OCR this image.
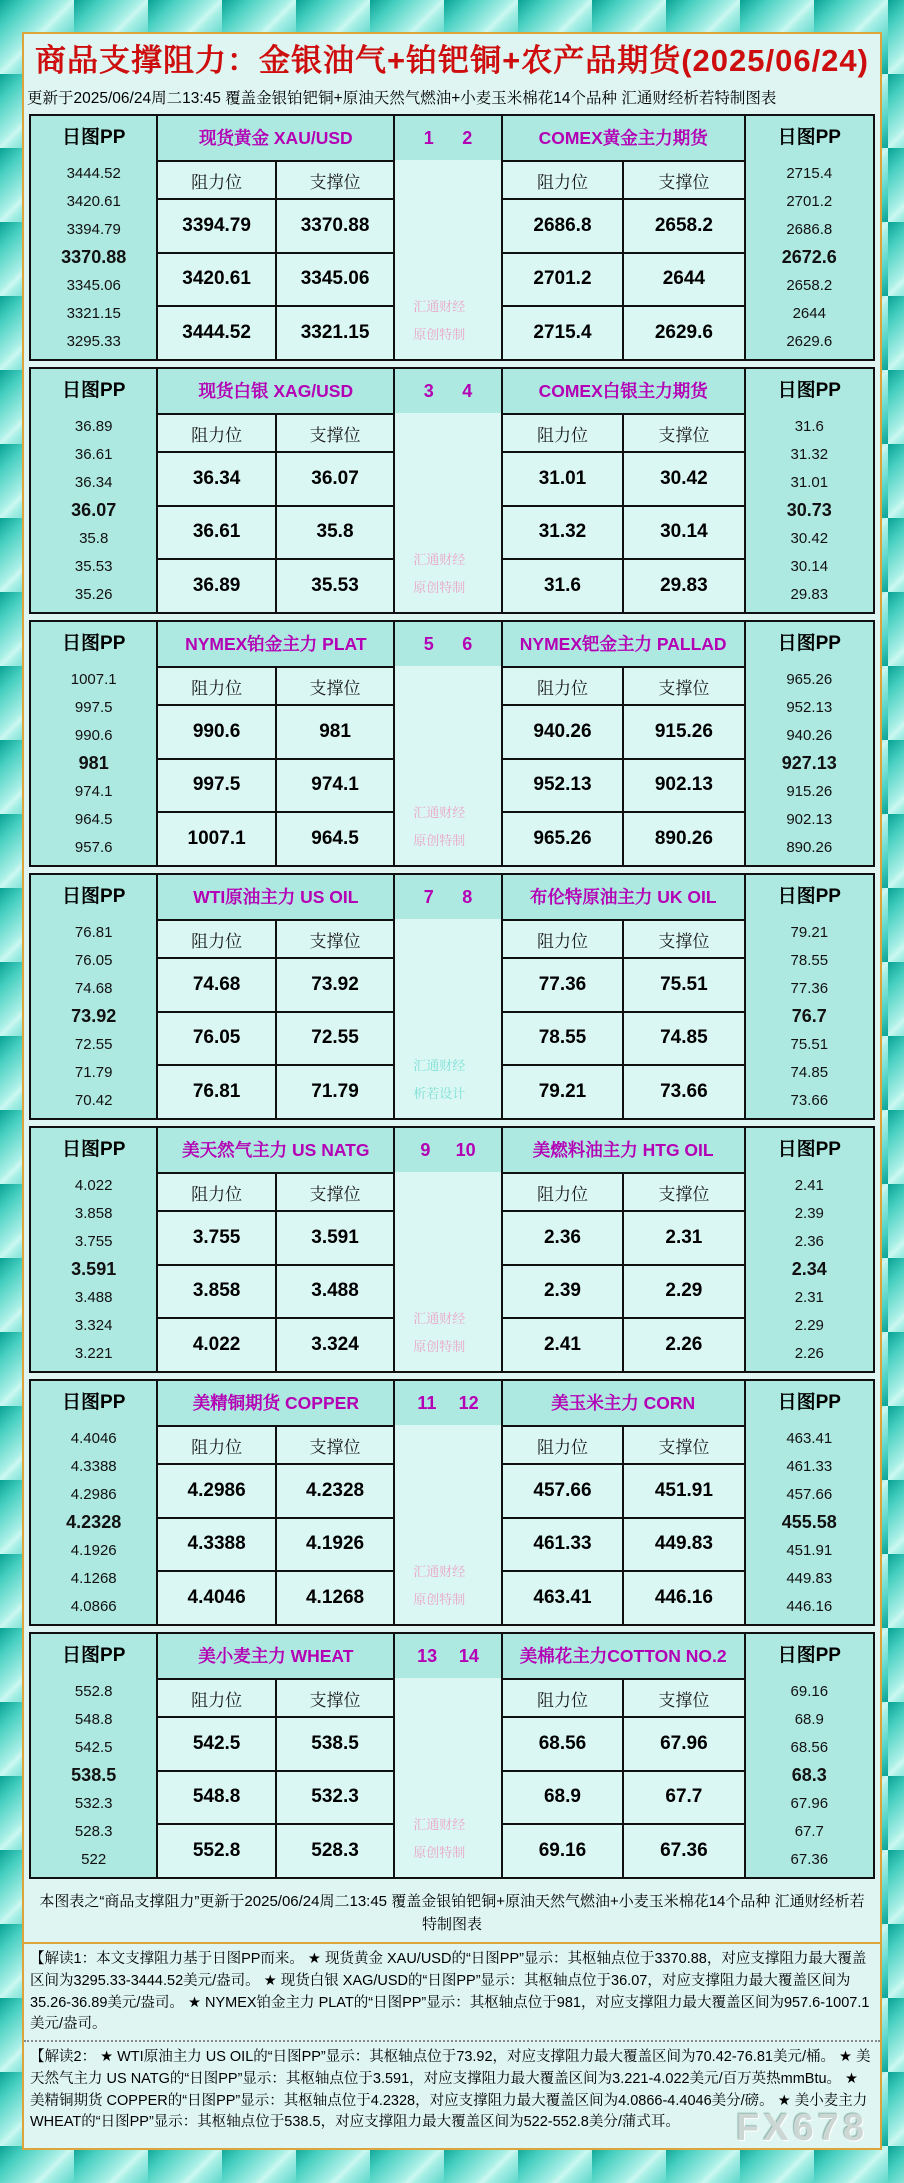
商品支撑阻力：金银油气+铂钯铜+农产品期货(2025/06/24)
更新于2025/06/24周二13:45 覆盖金银铂钯铜+原油天然气燃油+小麦玉米棉花14个品种 汇通财经析若特制图表
日图PP
3444.52
3420.61
3394.79
3370.88
3345.06
3321.15
3295.33
现货黄金 XAU/USD
阻力位	支撑位
3394.79	3370.88
3420.61	3345.06
3444.52	3321.15
1 2
汇通财经
原创特制
COMEX黄金主力期货
阻力位	支撑位
2686.8	2658.2
2701.2	2644
2715.4	2629.6
日图PP
2715.4
2701.2
2686.8
2672.6
2658.2
2644
2629.6
日图PP
36.89
36.61
36.34
36.07
35.8
35.53
35.26
现货白银 XAG/USD
阻力位	支撑位
36.34	36.07
36.61	35.8
36.89	35.53
3 4
汇通财经
原创特制
COMEX白银主力期货
阻力位	支撑位
31.01	30.42
31.32	30.14
31.6	29.83
日图PP
31.6
31.32
31.01
30.73
30.42
30.14
29.83
日图PP
1007.1
997.5
990.6
981
974.1
964.5
957.6
NYMEX铂金主力 PLAT
阻力位	支撑位
990.6	981
997.5	974.1
1007.1	964.5
5 6
汇通财经
原创特制
NYMEX钯金主力 PALLAD
阻力位	支撑位
940.26	915.26
952.13	902.13
965.26	890.26
日图PP
965.26
952.13
940.26
927.13
915.26
902.13
890.26
日图PP
76.81
76.05
74.68
73.92
72.55
71.79
70.42
WTI原油主力 US OIL
阻力位	支撑位
74.68	73.92
76.05	72.55
76.81	71.79
7 8
汇通财经
析若设计
布伦特原油主力 UK OIL
阻力位	支撑位
77.36	75.51
78.55	74.85
79.21	73.66
日图PP
79.21
78.55
77.36
76.7
75.51
74.85
73.66
日图PP
4.022
3.858
3.755
3.591
3.488
3.324
3.221
美天然气主力 US NATG
阻力位	支撑位
3.755	3.591
3.858	3.488
4.022	3.324
9 10
汇通财经
原创特制
美燃料油主力 HTG OIL
阻力位	支撑位
2.36	2.31
2.39	2.29
2.41	2.26
日图PP
2.41
2.39
2.36
2.34
2.31
2.29
2.26
日图PP
4.4046
4.3388
4.2986
4.2328
4.1926
4.1268
4.0866
美精铜期货 COPPER
阻力位	支撑位
4.2986	4.2328
4.3388	4.1926
4.4046	4.1268
11 12
汇通财经
原创特制
美玉米主力 CORN
阻力位	支撑位
457.66	451.91
461.33	449.83
463.41	446.16
日图PP
463.41
461.33
457.66
455.58
451.91
449.83
446.16
日图PP
552.8
548.8
542.5
538.5
532.3
528.3
522
美小麦主力 WHEAT
阻力位	支撑位
542.5	538.5
548.8	532.3
552.8	528.3
13 14
汇通财经
原创特制
美棉花主力COTTON NO.2
阻力位	支撑位
68.56	67.96
68.9	67.7
69.16	67.36
日图PP
69.16
68.9
68.56
68.3
67.96
67.7
67.36
本图表之“商品支撑阻力”更新于2025/06/24周二13:45 覆盖金银铂钯铜+原油天然气燃油+小麦玉米棉花14个品种 汇通财经析若特制图表
【解读1：本文支撑阻力基于日图PP而来。 ★ 现货黄金 XAU/USD的“日图PP”显示：其枢轴点位于3370.88，对应支撑阻力最大覆盖区间为3295.33-3444.52美元/盎司。 ★ 现货白银 XAG/USD的“日图PP”显示：其枢轴点位于36.07，对应支撑阻力最大覆盖区间为35.26-36.89美元/盎司。 ★ NYMEX铂金主力 PLAT的“日图PP”显示：其枢轴点位于981，对应支撑阻力最大覆盖区间为957.6-1007.1美元/盎司。
【解读2： ★ WTI原油主力 US OIL的“日图PP”显示：其枢轴点位于73.92，对应支撑阻力最大覆盖区间为70.42-76.81美元/桶。 ★ 美天然气主力 US NATG的“日图PP”显示：其枢轴点位于3.591，对应支撑阻力最大覆盖区间为3.221-4.022美元/百万英热mmBtu。 ★ 美精铜期货 COPPER的“日图PP”显示：其枢轴点位于4.2328，对应支撑阻力最大覆盖区间为4.0866-4.4046美分/磅。 ★ 美小麦主力 WHEAT的“日图PP”显示：其枢轴点位于538.5，对应支撑阻力最大覆盖区间为522-552.8美分/蒲式耳。	FX678
